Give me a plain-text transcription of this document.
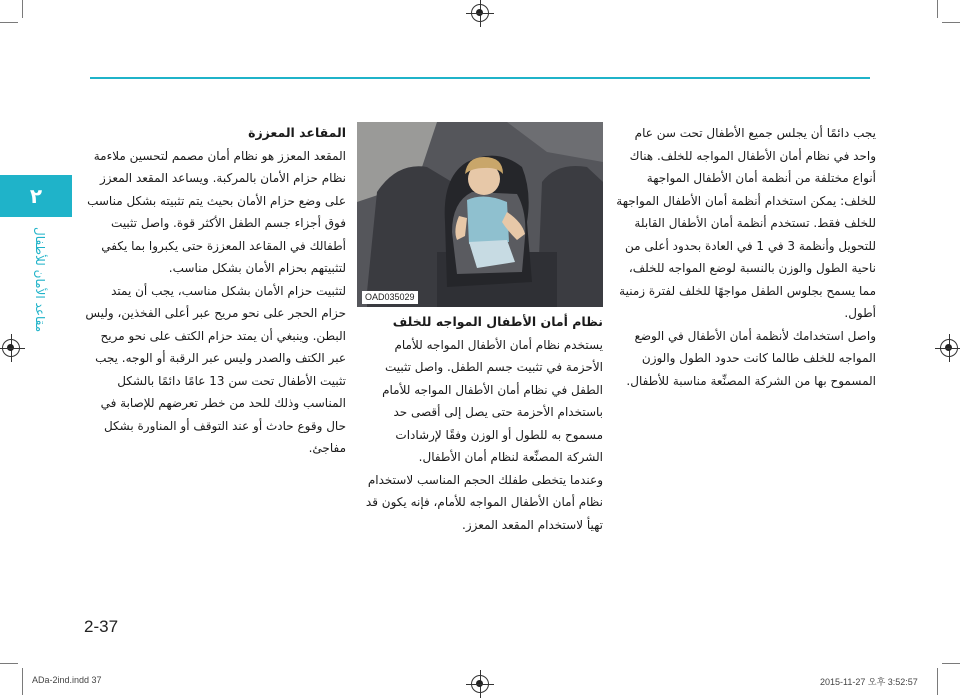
٢
مقاعد الأمان للأطفال

المقاعد المعززة

المقعد المعزز هو نظام أمان مصمم لتحسين ملاءمة نظام حزام الأمان بالمركبة. ويساعد المقعد المعزز على وضع حزام الأمان بحيث يتم تثبيته بشكل مناسب فوق أجزاء جسم الطفل الأكثر قوة. واصل تثبيت أطفالك في المقاعد المعززة حتى يكبروا بما يكفي لتثبيتهم بحزام الأمان بشكل مناسب.

لتثبيت حزام الأمان بشكل مناسب، يجب أن يمتد حزام الحجر على نحو مريح عبر أعلى الفخذين، وليس البطن. وينبغي أن يمتد حزام الكتف على نحو مريح عبر الكتف والصدر وليس عبر الرقبة أو الوجه. يجب تثبيت الأطفال تحت سن 13 عامًا دائمًا بالشكل المناسب وذلك للحد من خطر تعرضهم للإصابة في حال وقوع حادث أو عند التوقف أو المناورة بشكل مفاجئ.

OAD035029

نظام أمان الأطفال المواجه للخلف

يستخدم نظام أمان الأطفال المواجه للأمام الأحزمة في تثبيت جسم الطفل. واصل تثبيت الطفل في نظام أمان الأطفال المواجه للأمام باستخدام الأحزمة حتى يصل إلى أقصى حد مسموح به للطول أو الوزن وفقًا لإرشادات الشركة المصنِّعة لنظام أمان الأطفال.

وعندما يتخطى طفلك الحجم المناسب لاستخدام نظام أمان الأطفال المواجه للأمام، فإنه يكون قد تهيأ لاستخدام المقعد المعزز.

يجب دائمًا أن يجلس جميع الأطفال تحت سن عام واحد في نظام أمان الأطفال المواجه للخلف. هناك أنواع مختلفة من أنظمة أمان الأطفال المواجهة للخلف: يمكن استخدام أنظمة أمان الأطفال المواجهة للخلف فقط. تستخدم أنظمة أمان الأطفال القابلة للتحويل وأنظمة 3 في 1 في العادة بحدود أعلى من ناحية الطول والوزن بالنسبة لوضع المواجه للخلف، مما يسمح بجلوس الطفل مواجهًا للخلف لفترة زمنية أطول.

واصل استخدامك لأنظمة أمان الأطفال في الوضع المواجه للخلف طالما كانت حدود الطول والوزن المسموح بها من الشركة المصنِّعة مناسبة للأطفال.

2-37
ADa-2ind.indd 37	2015-11-27 오후 3:52:57
